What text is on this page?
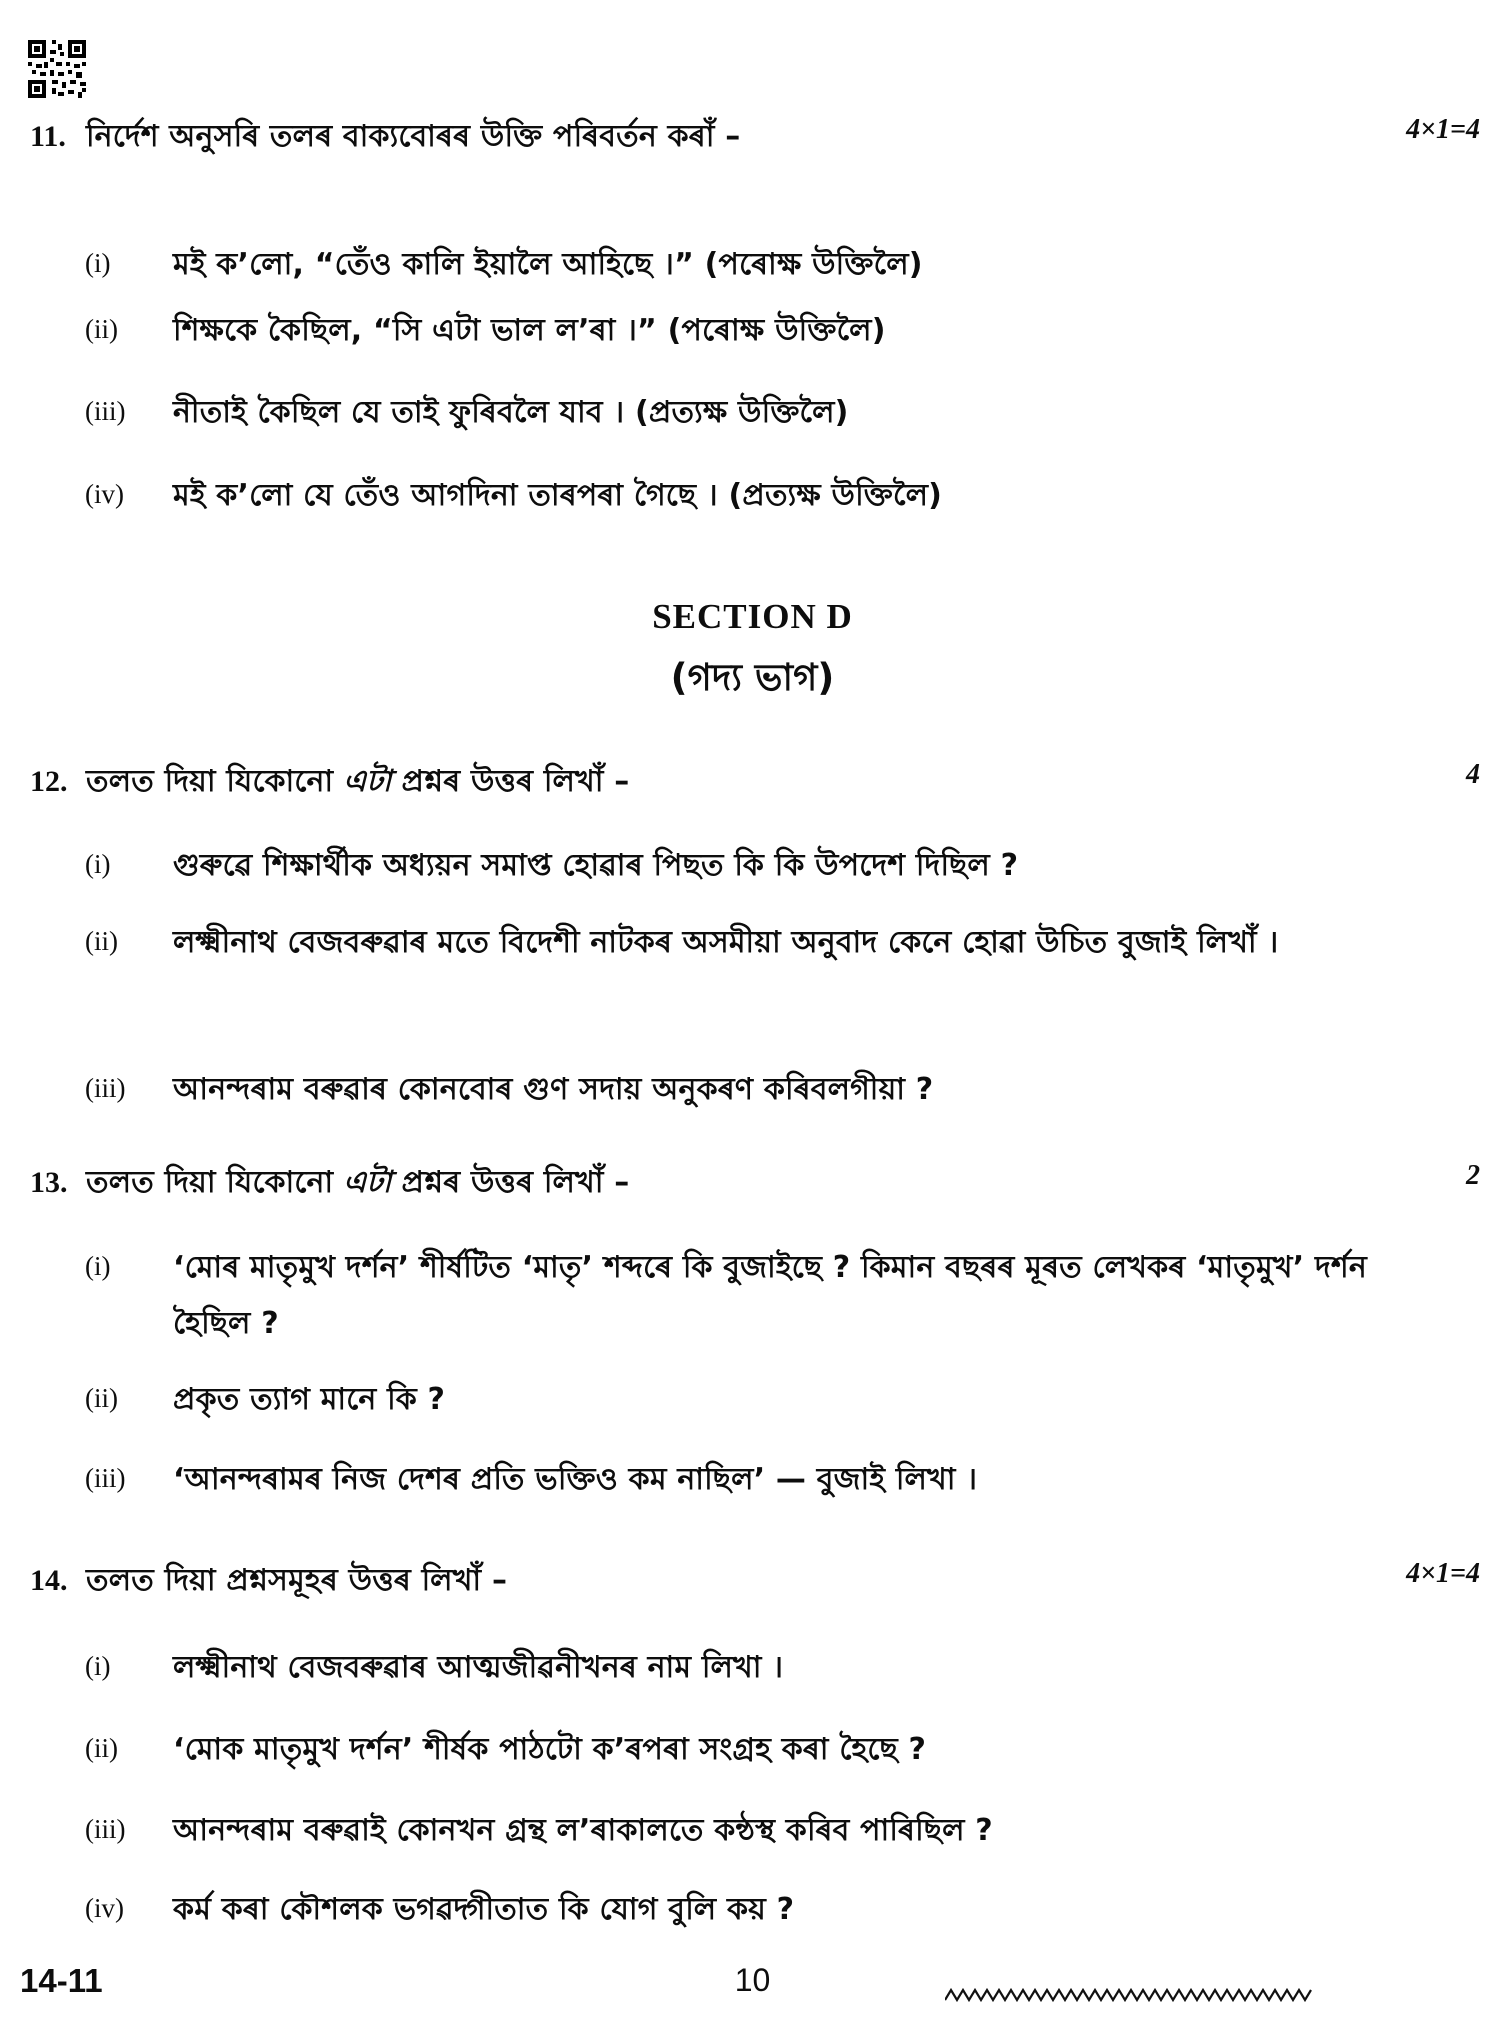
11. নির্দেশ অনুসৰি তলৰ বাক্যবোৰৰ উক্তি পৰিবৰ্তন কৰাঁ –	4×1=4
(i)	মই ক’লো, “তেঁও কালি ইয়ালৈ আহিছে ।” (পৰোক্ষ উক্তিলৈ)
(ii)	শিক্ষকে কৈছিল, “সি এটা ভাল ল’ৰা ।” (পৰোক্ষ উক্তিলৈ)
(iii)	নীতাই কৈছিল যে তাই ফুৰিবলৈ যাব । (প্ৰত্যক্ষ উক্তিলৈ)
(iv)	মই ক’লো যে তেঁও আগদিনা তাৰপৰা গৈছে । (প্ৰত্যক্ষ উক্তিলৈ)
SECTION D
(গদ্য ভাগ)
12. তলত দিয়া যিকোনো এটা প্ৰশ্নৰ উত্তৰ লিখাঁ –	4
(i)	গুৰুৱে শিক্ষাৰ্থীক অধ্যয়ন সমাপ্ত হোৱাৰ পিছত কি কি উপদেশ দিছিল ?
(ii)	লক্ষ্মীনাথ বেজবৰুৱাৰ মতে বিদেশী নাটকৰ অসমীয়া অনুবাদ কেনে হোৱা উচিত বুজাই লিখাঁ ।
(iii)	আনন্দৰাম বৰুৱাৰ কোনবোৰ গুণ সদায় অনুকৰণ কৰিবলগীয়া ?
13. তলত দিয়া যিকোনো এটা প্ৰশ্নৰ উত্তৰ লিখাঁ –	2
(i)	‘মোৰ মাতৃমুখ দৰ্শন’ শীৰ্ষটিত ‘মাতৃ’ শব্দৰে কি বুজাইছে ? কিমান বছৰৰ মূৰত লেখকৰ ‘মাতৃমুখ’ দৰ্শন হৈছিল ?
(ii)	প্ৰকৃত ত্যাগ মানে কি ?
(iii)	‘আনন্দৰামৰ নিজ দেশৰ প্ৰতি ভক্তিও কম নাছিল’ — বুজাই লিখা ।
14. তলত দিয়া প্ৰশ্নসমূহৰ উত্তৰ লিখাঁ –	4×1=4
(i)	লক্ষ্মীনাথ বেজবৰুৱাৰ আত্মজীৱনীখনৰ নাম লিখা ।
(ii)	‘মোক মাতৃমুখ দৰ্শন’ শীৰ্ষক পাঠটো ক’ৰপৰা সংগ্ৰহ কৰা হৈছে ?
(iii)	আনন্দৰাম বৰুৱাই কোনখন গ্ৰন্থ ল’ৰাকালতে কন্ঠস্থ কৰিব পাৰিছিল ?
(iv)	কৰ্ম কৰা কৌশলক ভগৱদ্গীতাত কি যোগ বুলি কয় ?
14-11	10
